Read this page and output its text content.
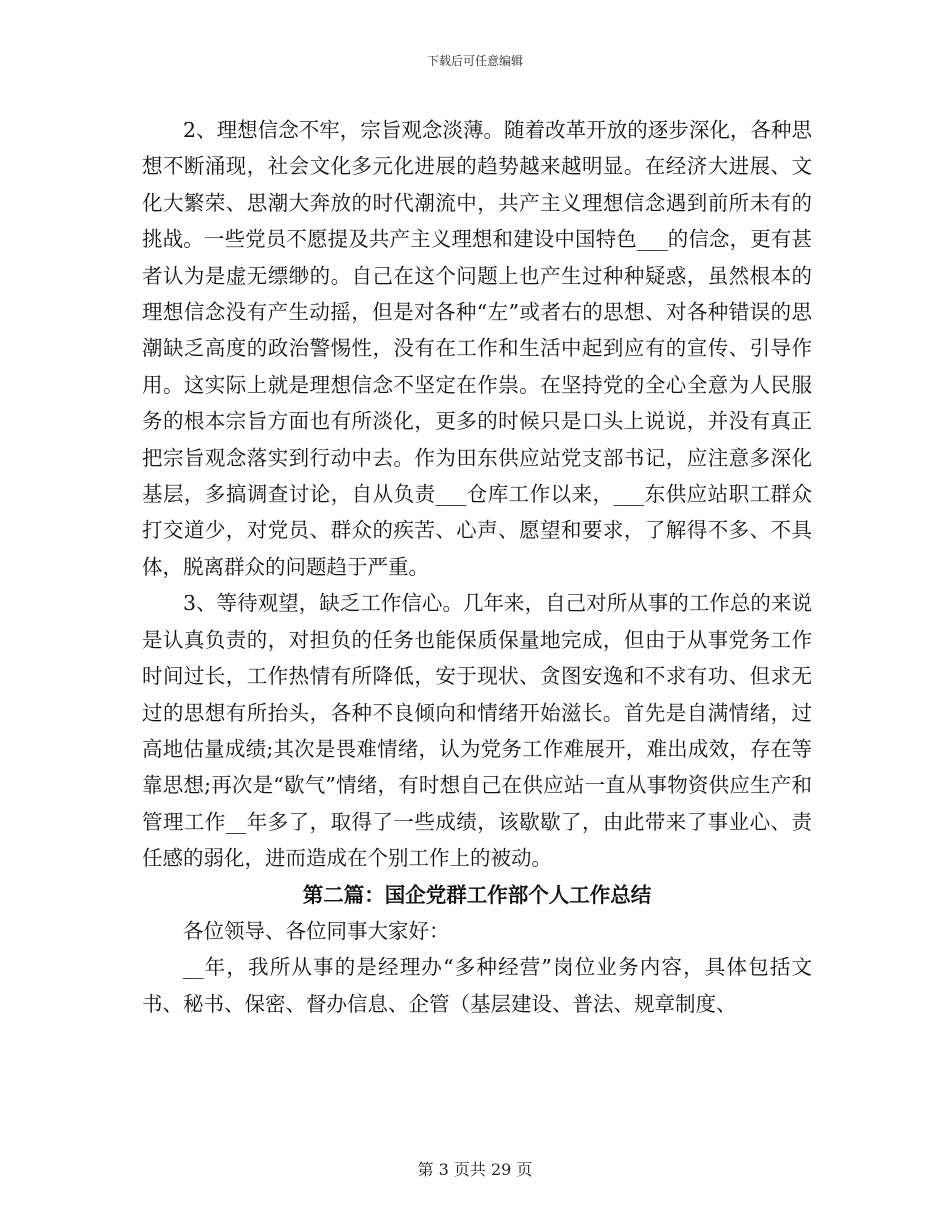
下载后可任意编辑

2、理想信念不牢，宗旨观念淡薄。随着改革开放的逐步深化，各种思想不断涌现，社会文化多元化进展的趋势越来越明显。在经济大进展、文化大繁荣、思潮大奔放的时代潮流中，共产主义理想信念遇到前所未有的挑战。一些党员不愿提及共产主义理想和建设中国特色___的信念，更有甚者认为是虚无缥缈的。自己在这个问题上也产生过种种疑惑，虽然根本的理想信念没有产生动摇，但是对各种“左”或者右的思想、对各种错误的思潮缺乏高度的政治警惕性，没有在工作和生活中起到应有的宣传、引导作用。这实际上就是理想信念不坚定在作祟。在坚持党的全心全意为人民服务的根本宗旨方面也有所淡化，更多的时候只是口头上说说，并没有真正把宗旨观念落实到行动中去。作为田东供应站党支部书记，应注意多深化基层，多搞调查讨论，自从负责___仓库工作以来，___东供应站职工群众打交道少，对党员、群众的疾苦、心声、愿望和要求，了解得不多、不具体，脱离群众的问题趋于严重。

3、等待观望，缺乏工作信心。几年来，自己对所从事的工作总的来说是认真负责的，对担负的任务也能保质保量地完成，但由于从事党务工作时间过长，工作热情有所降低，安于现状、贪图安逸和不求有功、但求无过的思想有所抬头，各种不良倾向和情绪开始滋长。首先是自满情绪，过高地估量成绩;其次是畏难情绪，认为党务工作难展开，难出成效，存在等靠思想;再次是“歇气”情绪，有时想自己在供应站一直从事物资供应生产和管理工作__年多了，取得了一些成绩，该歇歇了，由此带来了事业心、责任感的弱化，进而造成在个别工作上的被动。

第二篇：国企党群工作部个人工作总结

各位领导、各位同事大家好：

__年，我所从事的是经理办“多种经营”岗位业务内容，具体包括文书、秘书、保密、督办信息、企管（基层建设、普法、规章制度、

第 3 页共 29 页
